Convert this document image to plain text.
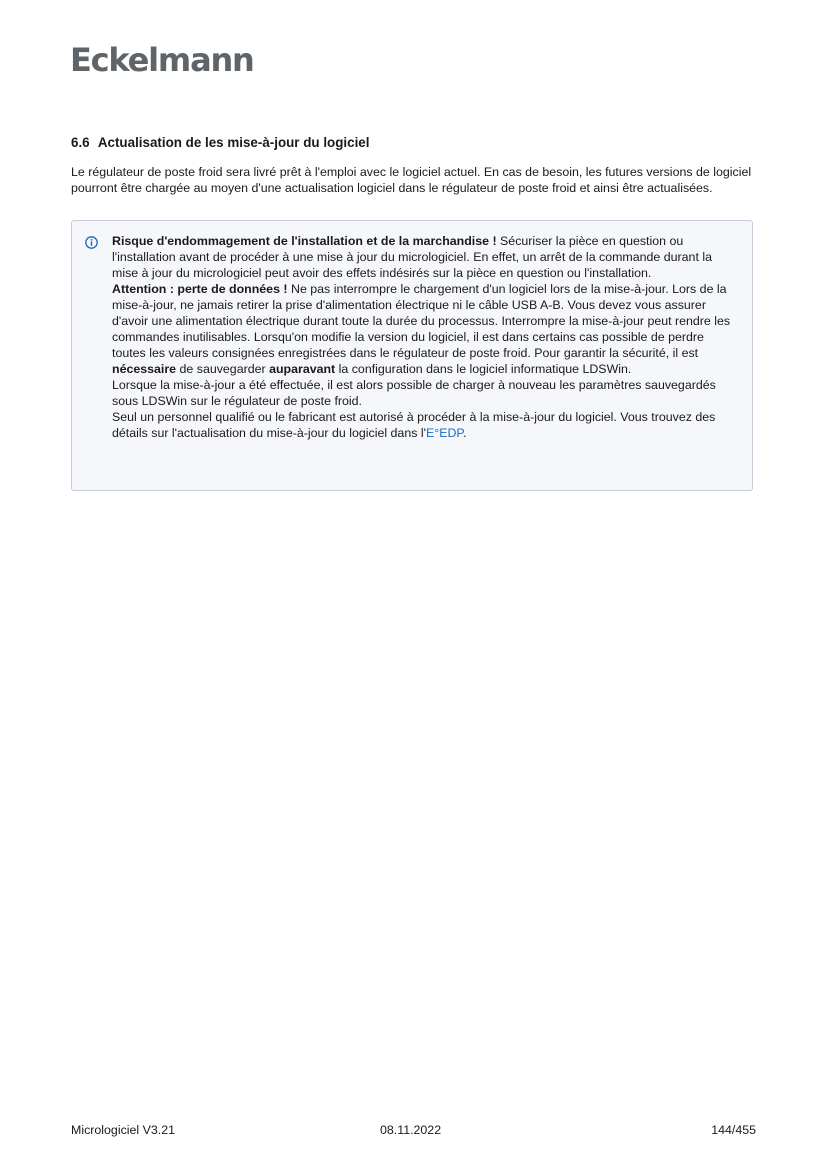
Eckelmann
6.6 Actualisation de les mise-à-jour du logiciel

Le régulateur de poste froid sera livré prêt à l'emploi avec le logiciel actuel. En cas de besoin, les futures versions de logiciel pourront être chargée au moyen d'une actualisation logiciel dans le régulateur de poste froid et ainsi être actualisées.

Risque d'endommagement de l'installation et de la marchandise ! Sécuriser la pièce en question ou l'installation avant de procéder à une mise à jour du micrologiciel. En effet, un arrêt de la commande durant la mise à jour du micrologiciel peut avoir des effets indésirés sur la pièce en question ou l'installation.

Attention : perte de données ! Ne pas interrompre le chargement d'un logiciel lors de la mise-à-jour. Lors de la mise-à-jour, ne jamais retirer la prise d'alimentation électrique ni le câble USB A-B. Vous devez vous assurer d'avoir une alimentation électrique durant toute la durée du processus. Interrompre la mise-à-jour peut rendre les commandes inutilisables. Lorsqu'on modifie la version du logiciel, il est dans certains cas possible de perdre toutes les valeurs consignées enregistrées dans le régulateur de poste froid. Pour garantir la sécurité, il est nécessaire de sauvegarder auparavant la configuration dans le logiciel informatique LDSWin.

Lorsque la mise-à-jour a été effectuée, il est alors possible de charger à nouveau les paramètres sauvegardés sous LDSWin sur le régulateur de poste froid.

Seul un personnel qualifié ou le fabricant est autorisé à procéder à la mise-à-jour du logiciel. Vous trouvez des détails sur l'actualisation du mise-à-jour du logiciel dans l'E°EDP.

Micrologiciel V3.21	08.11.2022	144/455
